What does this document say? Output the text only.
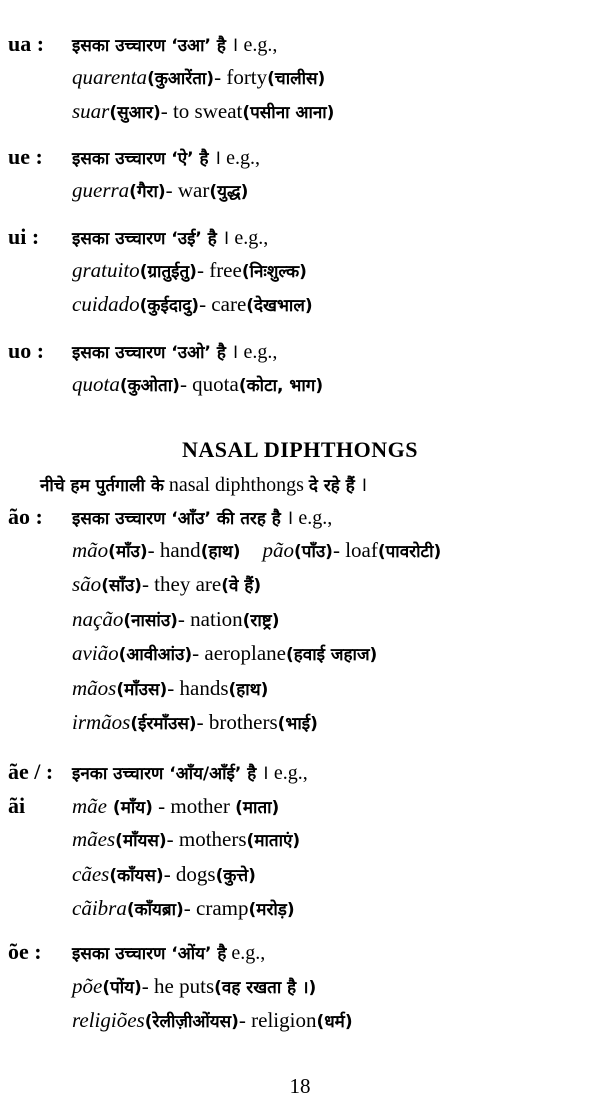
ua :	इसका उच्चारण ‘उआ’ है । e.g.,
quarenta (कुआरेंता) - forty (चालीस)
suar (सुआर) - to sweat (पसीना आना)
ue :	इसका उच्चारण ‘ऐ’ है । e.g.,
guerra (गैरा) - war (युद्ध)
ui :	इसका उच्चारण ‘उई’ है । e.g.,
gratuito (ग्रातुईतु) - free (निःशुल्क)
cuidado (कुईदादु) - care (देखभाल)
uo :	इसका उच्चारण ‘उओ’ है । e.g.,
quota (कुओता) - quota (कोटा, भाग)
NASAL DIPHTHONGS
नीचे हम पुर्तगाली के nasal diphthongs दे रहे हैं ।
ão :	इसका उच्चारण ‘आँउ’ की तरह है । e.g.,
mão (माँउ) - hand (हाथ) pão (पाँउ) - loaf (पावरोटी)
são (साँउ) - they are (वे हैं)
nação (नासांउ) - nation (राष्ट्र)
avião (आवीआंउ) - aeroplane (हवाई जहाज)
mãos (माँउस) - hands (हाथ)
irmãos (ईरमाँउस) - brothers (भाई)
ãe / :	इनका उच्चारण ‘आँय/आँई’ है । e.g.,
ãi	mãe (माँय) - mother (माता)
mães (माँयस) - mothers (माताएं)
cães (काँयस) - dogs (कुत्ते)
cãibra (काँयब्रा) - cramp (मरोड़)
õe :	इसका उच्चारण ‘ओंय’ है e.g.,
põe (पोंय) - he puts (वह रखता है ।)
religiões (रेलीज़ीओंयस) - religion (धर्म)
18
